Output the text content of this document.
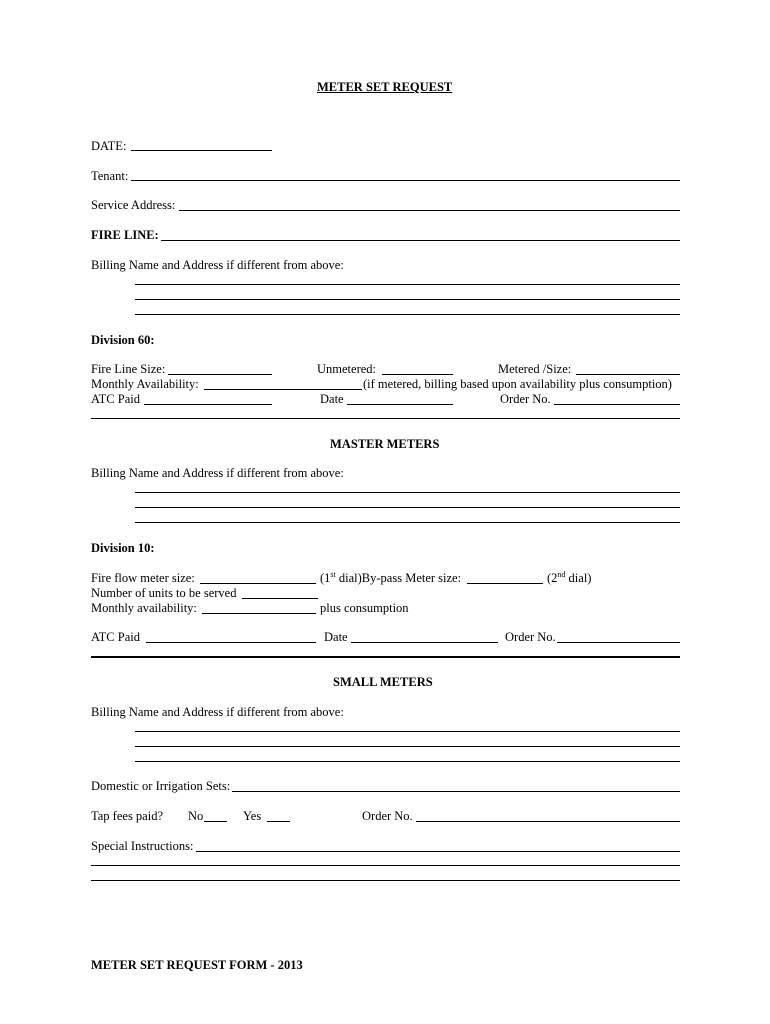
METER SET REQUEST
DATE:
Tenant:
Service Address:
FIRE LINE:
Billing Name and Address if different from above:
Division 60:
Fire Line Size:	Unmetered:	Metered /Size:
Monthly Availability:	(if metered, billing based upon availability plus consumption)
ATC Paid	Date	Order No.
MASTER METERS
Billing Name and Address if different from above:
Division 10:
Fire flow meter size:	(1st dial)By-pass Meter size:	(2nd dial)
Number of units to be served
Monthly availability:	plus consumption
ATC Paid	Date	Order No.
SMALL METERS
Billing Name and Address if different from above:
Domestic or Irrigation Sets:
Tap fees paid? No	Yes	Order No.
Special Instructions:
METER SET REQUEST FORM - 2013
